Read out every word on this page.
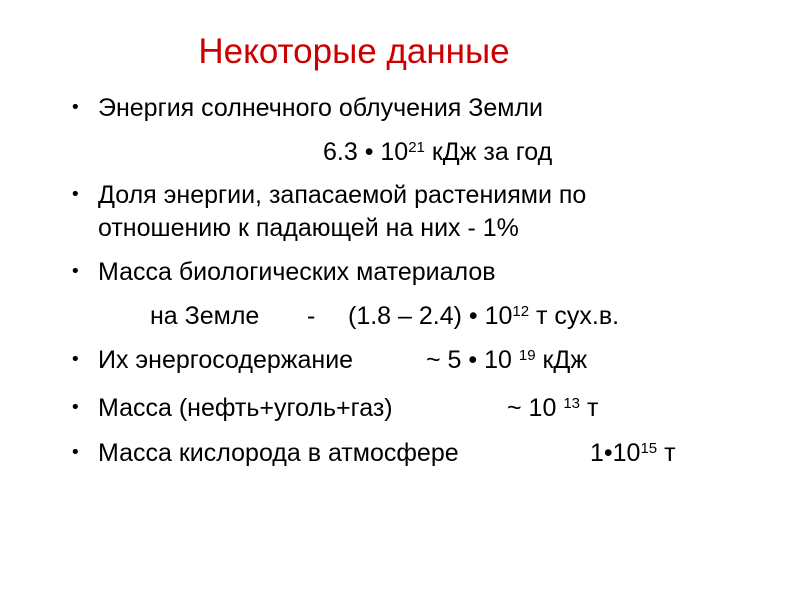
Некоторые данные
• Энергия солнечного облучения Земли
6.3 • $10^{21}$ кДж за год
• Доля энергии, запасаемой растениями по
отношению к падающей на них - 1%
• Масса биологических материалов
на Земле - (1.8 – 2.4) • $10^{12}$ т сух.в.
• Их энергосодержание	~ 5 • 10 $^{19}$ кДж
• Масса (нефть+уголь+газ)	~ 10 $^{13}$ т
• Масса кислорода в атмосфере	$1•10^{15}$ т
